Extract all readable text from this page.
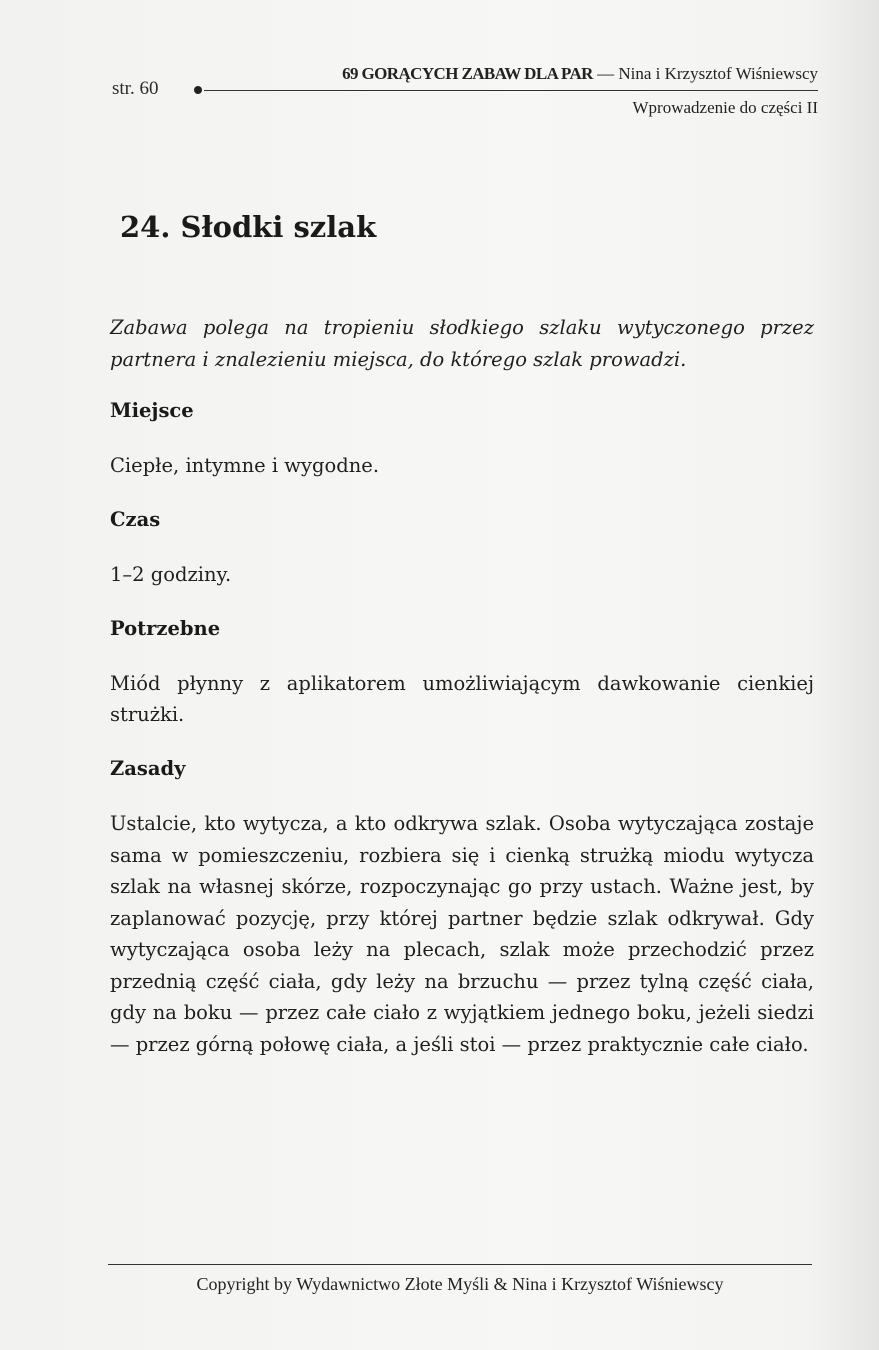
str. 60
69 GORĄCYCH ZABAW DLA PAR — Nina i Krzysztof Wiśniewscy
Wprowadzenie do części II
24. Słodki szlak

Zabawa polega na tropieniu słodkiego szlaku wytyczonego przez partnera i znalezieniu miejsca, do którego szlak prowadzi.

Miejsce

Ciepłe, intymne i wygodne.

Czas

1–2 godziny.

Potrzebne

Miód płynny z aplikatorem umożliwiającym dawkowanie cienkiej strużki.

Zasady

Ustalcie, kto wytycza, a kto odkrywa szlak. Osoba wytyczająca zostaje sama w pomieszczeniu, rozbiera się i cienką strużką miodu wytycza szlak na własnej skórze, rozpoczynając go przy ustach. Ważne jest, by zaplanować pozycję, przy której partner będzie szlak odkrywał. Gdy wytyczająca osoba leży na plecach, szlak może przechodzić przez przednią część ciała, gdy leży na brzuchu — przez tylną część ciała, gdy na boku — przez całe ciało z wyjątkiem jednego boku, jeżeli siedzi — przez górną połowę ciała, a jeśli stoi — przez praktycznie całe ciało.

Copyright by Wydawnictwo Złote Myśli & Nina i Krzysztof Wiśniewscy
